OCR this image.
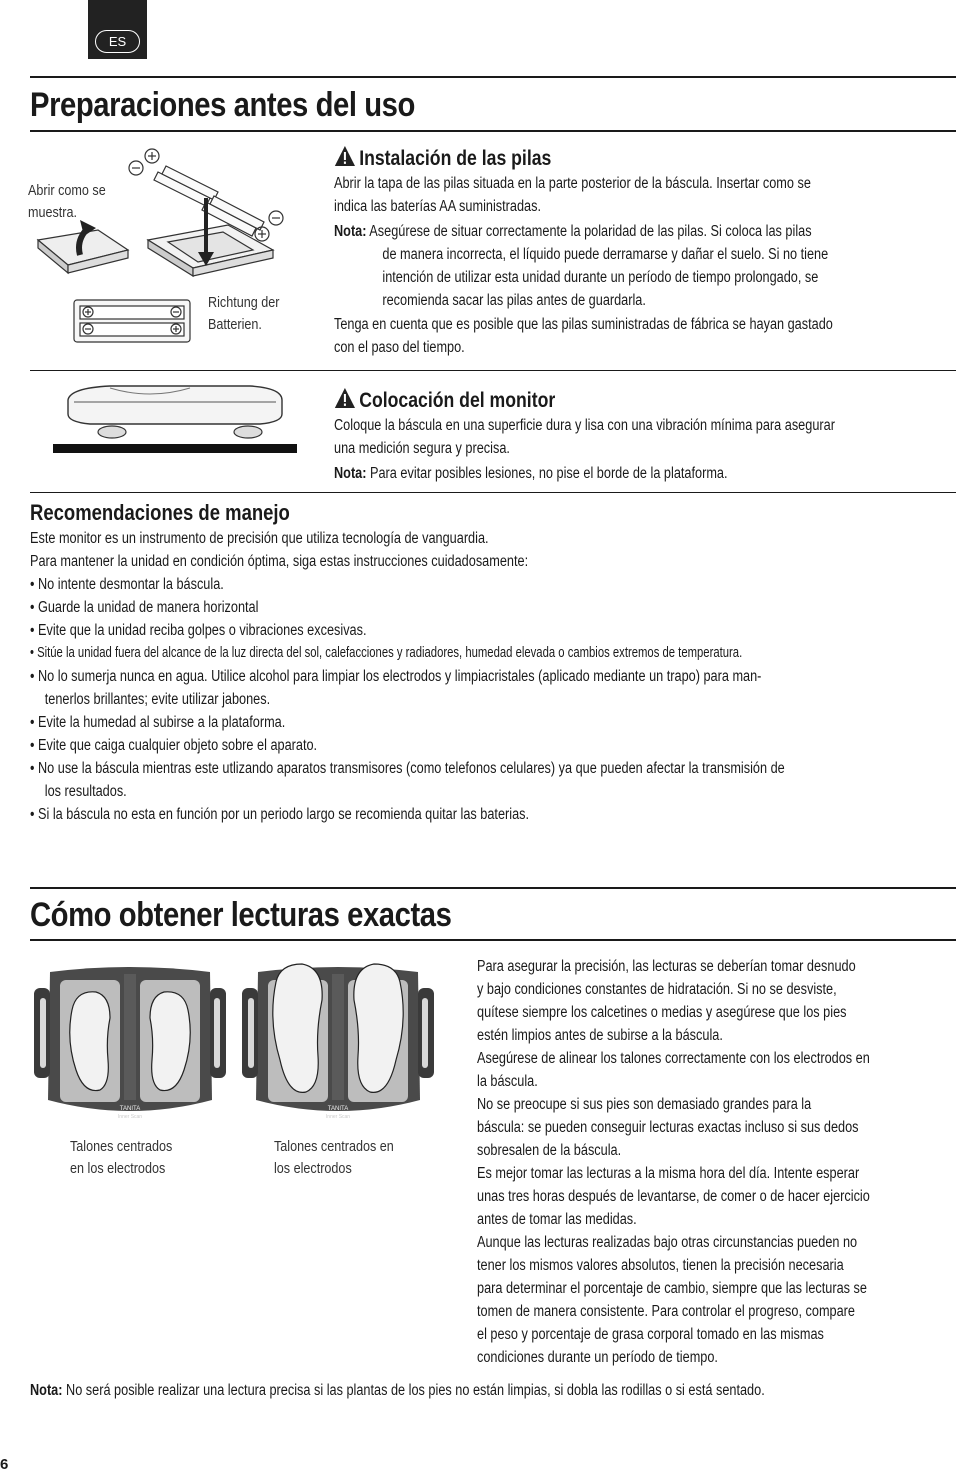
ES
Preparaciones antes del uso
Abrir como se
muestra.
Richtung der
Batterien.
Instalación de las pilas
Abrir la tapa de las pilas situada en la parte posterior de la báscula. Insertar como se
indica las baterías AA suministradas.
Nota: Asegúrese de situar correctamente la polaridad de las pilas. Si coloca las pilas
de manera incorrecta, el líquido puede derramarse y dañar el suelo. Si no tiene
intención de utilizar esta unidad durante un período de tiempo prolongado, se
recomienda sacar las pilas antes de guardarla.
Tenga en cuenta que es posible que las pilas suministradas de fábrica se hayan gastado
con el paso del tiempo.
Colocación del monitor
Coloque la báscula en una superficie dura y lisa con una vibración mínima para asegurar
una medición segura y precisa.
Nota: Para evitar posibles lesiones, no pise el borde de la plataforma.
Recomendaciones de manejo
Este monitor es un instrumento de precisión que utiliza tecnología de vanguardia.
Para mantener la unidad en condición óptima, siga estas instrucciones cuidadosamente:
• No intente desmontar la báscula.
• Guarde la unidad de manera horizontal
• Evite que la unidad reciba golpes o vibraciones excesivas.
• Sitúe la unidad fuera del alcance de la luz directa del sol, calefacciones y radiadores, humedad elevada o cambios extremos de temperatura.
• No lo sumerja nunca en agua. Utilice alcohol para limpiar los electrodos y limpiacristales (aplicado mediante un trapo) para man-
tenerlos brillantes; evite utilizar jabones.
• Evite la humedad al subirse a la plataforma.
• Evite que caiga cualquier objeto sobre el aparato.
• No use la báscula mientras este utlizando aparatos transmisores (como telefonos celulares) ya que pueden afectar la transmisión de
los resultados.
• Si la báscula no esta en función por un periodo largo se recomienda quitar las baterias.
Cómo obtener lecturas exactas
TANITA
Inner Scan
TANITA
Inner Scan
Talones centrados
en los electrodos
Talones centrados en
los electrodos
Para asegurar la precisión, las lecturas se deberían tomar desnudo
y bajo condiciones constantes de hidratación. Si no se desviste,
quítese siempre los calcetines o medias y asegúrese que los pies
estén limpios antes de subirse a la báscula.
Asegúrese de alinear los talones correctamente con los electrodos en
la báscula.
No se preocupe si sus pies son demasiado grandes para la
báscula: se pueden conseguir lecturas exactas incluso si sus dedos
sobresalen de la báscula.
Es mejor tomar las lecturas a la misma hora del día. Intente esperar
unas tres horas después de levantarse, de comer o de hacer ejercicio
antes de tomar las medidas.
Aunque las lecturas realizadas bajo otras circunstancias pueden no
tener los mismos valores absolutos, tienen la precisión necesaria
para determinar el porcentaje de cambio, siempre que las lecturas se
tomen de manera consistente. Para controlar el progreso, compare
el peso y porcentaje de grasa corporal tomado en las mismas
condiciones durante un período de tiempo.
Nota: No será posible realizar una lectura precisa si las plantas de los pies no están limpias, si dobla las rodillas o si está sentado.
6
